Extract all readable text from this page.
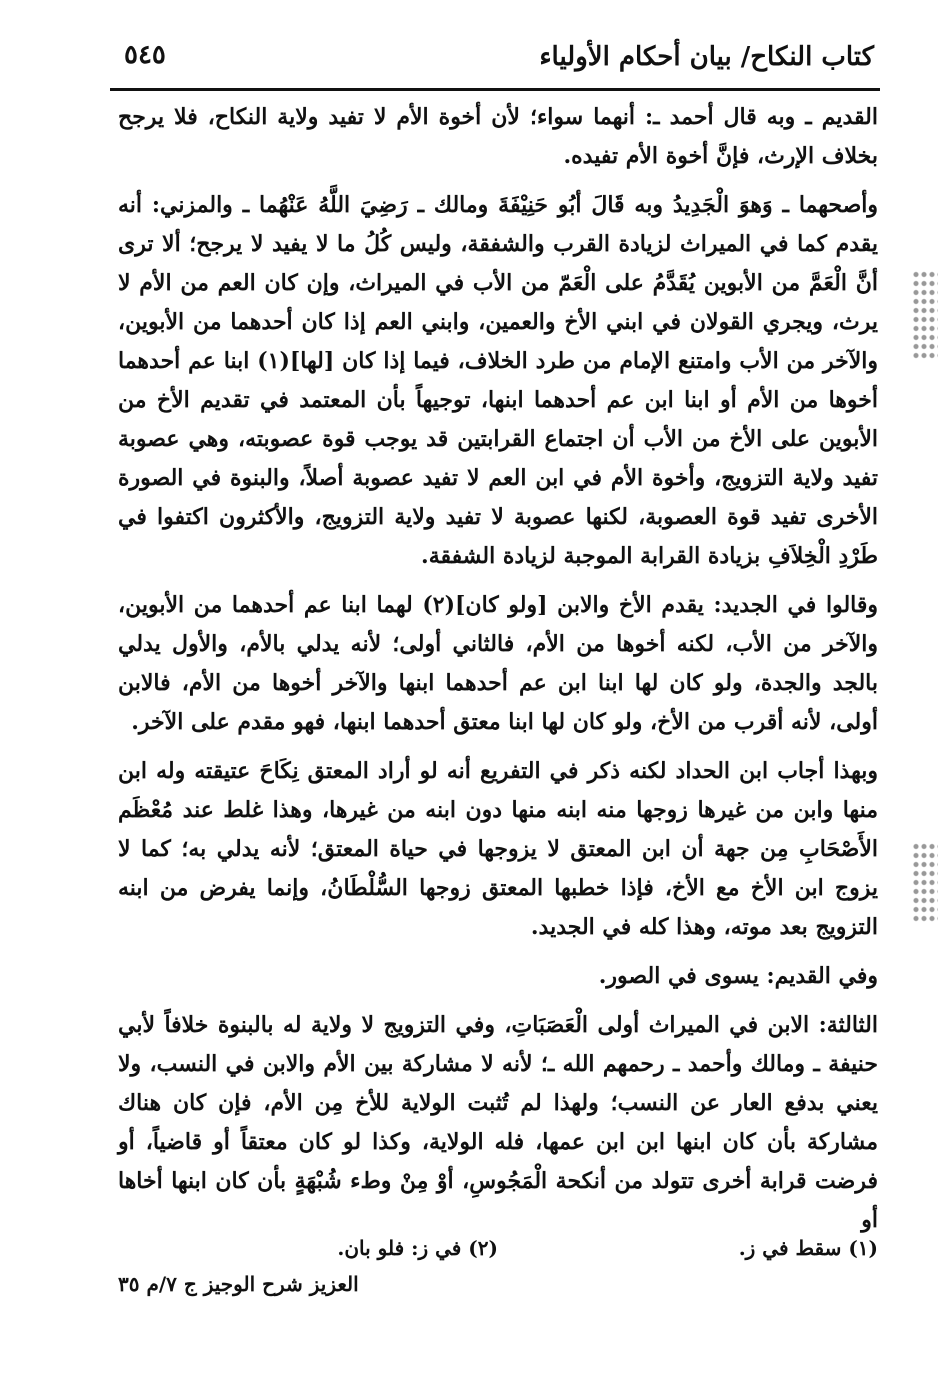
كتاب النكاح/ بيان أحكام الأولياء
٥٤٥

القديم ـ وبه قال أحمد ـ: أنهما سواء؛ لأن أخوة الأم لا تفيد ولاية النكاح، فلا يرجح بخلاف الإرث، فإنَّ أخوة الأم تفيده.

وأصحهما ـ وَهوَ الْجَدِيدُ وبه قَالَ أبُو حَنِيْفَةَ ومالك ـ رَضِيَ اللَّهُ عَنْهُما ـ والمزني: أنه يقدم كما في الميراث لزيادة القرب والشفقة، وليس كُلُ ما لا يفيد لا يرجح؛ ألا ترى أنَّ الْعَمَّ من الأبوين يُقَدَّمُ على الْعَمّ من الأب في الميراث، وإن كان العم من الأم لا يرث، ويجري القولان في ابني الأخ والعمين، وابني العم إذا كان أحدهما من الأبوين، والآخر من الأب وامتنع الإمام من طرد الخلاف، فيما إذا كان [لها](١) ابنا عم أحدهما أخوها من الأم أو ابنا ابن عم أحدهما ابنها، توجيهاً بأن المعتمد في تقديم الأخ من الأبوين على الأخ من الأب أن اجتماع القرابتين قد يوجب قوة عصوبته، وهي عصوبة تفيد ولاية التزويج، وأخوة الأم في ابن العم لا تفيد عصوبة أصلاً، والبنوة في الصورة الأخرى تفيد قوة العصوبة، لكنها عصوبة لا تفيد ولاية التزويج، والأكثرون اكتفوا في طَرْدِ الْخِلاَفِ بزيادة القرابة الموجبة لزيادة الشفقة.

وقالوا في الجديد: يقدم الأخ والابن [ولو كان](٢) لهما ابنا عم أحدهما من الأبوين، والآخر من الأب، لكنه أخوها من الأم، فالثاني أولى؛ لأنه يدلي بالأم، والأول يدلي بالجد والجدة، ولو كان لها ابنا ابن عم أحدهما ابنها والآخر أخوها من الأم، فالابن أولى، لأنه أقرب من الأخ، ولو كان لها ابنا معتق أحدهما ابنها، فهو مقدم على الآخر.

وبهذا أجاب ابن الحداد لكنه ذكر في التفريع أنه لو أراد المعتق نِكَاحَ عتيقته وله ابن منها وابن من غيرها زوجها منه ابنه منها دون ابنه من غيرها، وهذا غلط عند مُعْظَم الأَصْحَابِ مِن جهة أن ابن المعتق لا يزوجها في حياة المعتق؛ لأنه يدلي به؛ كما لا يزوج ابن الأخ مع الأخ، فإذا خطبها المعتق زوجها السُّلْطَانُ، وإنما يفرض من ابنه التزويج بعد موته، وهذا كله في الجديد.

وفي القديم: يسوى في الصور.

الثالثة: الابن في الميراث أولى الْعَصَبَاتِ، وفي التزويج لا ولاية له بالبنوة خلافاً لأبي حنيفة ـ ومالك وأحمد ـ رحمهم الله ـ؛ لأنه لا مشاركة بين الأم والابن في النسب، ولا يعني بدفع العار عن النسب؛ ولهذا لم تُثبت الولاية للأخ مِن الأم، فإن كان هناك مشاركة بأن كان ابنها ابن ابن عمها، فله الولاية، وكذا لو كان معتقاً أو قاضياً، أو فرضت قرابة أخرى تتولد من أنكحة الْمَجُوسِ، أوْ مِنْ وطء شُبْهَةٍ بأن كان ابنها أخاها أو

(١) سقط في ز.
(٢) في ز: فلو بان.
العزيز شرح الوجيز ج ٧/م ٣٥
